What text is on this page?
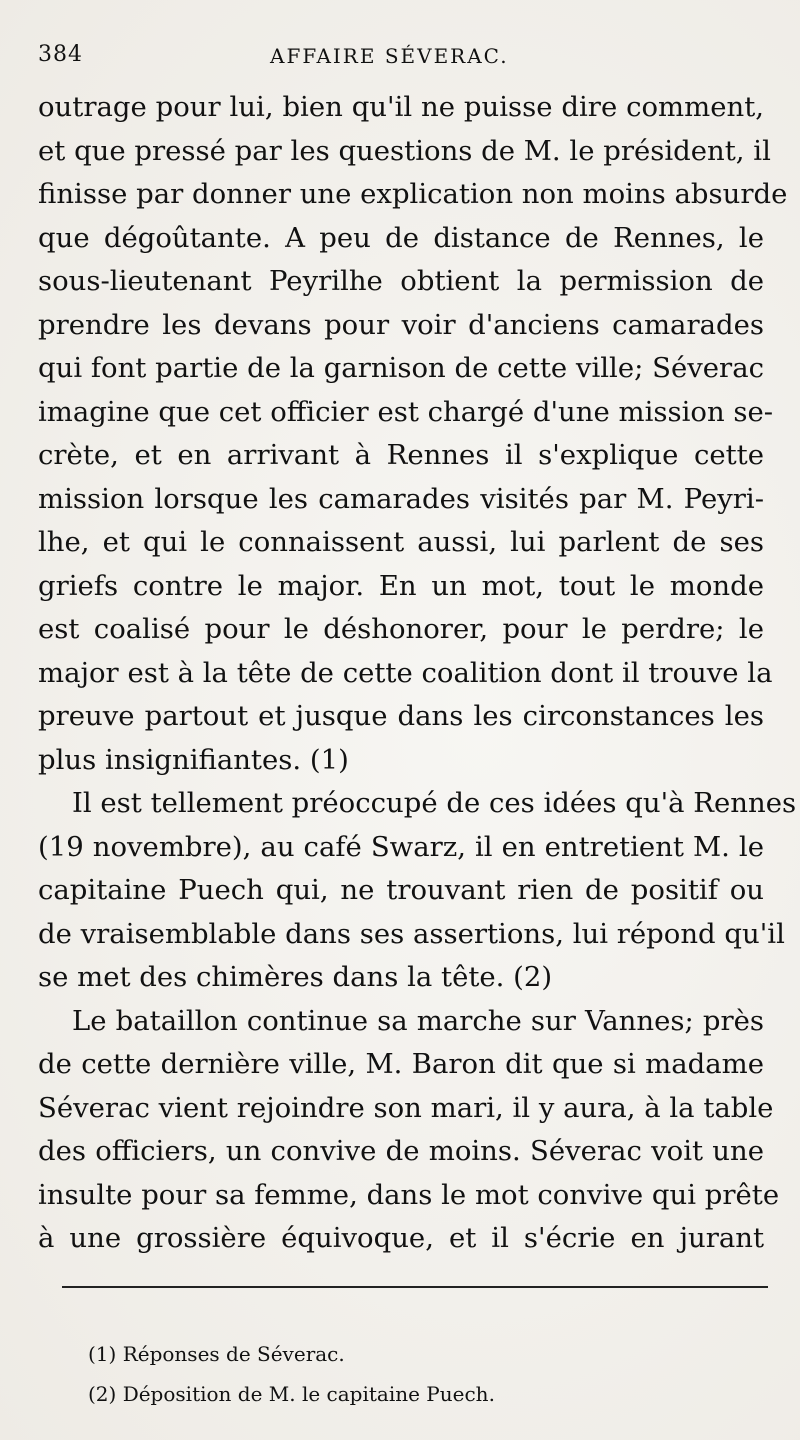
384	AFFAIRE SÉVERAC.
outrage pour lui, bien qu'il ne puisse dire comment,
et que pressé par les questions de M. le président, il
finisse par donner une explication non moins absurde
que dégoûtante. A peu de distance de Rennes, le
sous-lieutenant Peyrilhe obtient la permission de
prendre les devans pour voir d'anciens camarades
qui font partie de la garnison de cette ville; Séverac
imagine que cet officier est chargé d'une mission se-
crète, et en arrivant à Rennes il s'explique cette
mission lorsque les camarades visités par M. Peyri-
lhe, et qui le connaissent aussi, lui parlent de ses
griefs contre le major. En un mot, tout le monde
est coalisé pour le déshonorer, pour le perdre; le
major est à la tête de cette coalition dont il trouve la
preuve partout et jusque dans les circonstances les
plus insignifiantes. (1)
Il est tellement préoccupé de ces idées qu'à Rennes
(19 novembre), au café Swarz, il en entretient M. le
capitaine Puech qui, ne trouvant rien de positif ou
de vraisemblable dans ses assertions, lui répond qu'il
se met des chimères dans la tête. (2)
Le bataillon continue sa marche sur Vannes; près
de cette dernière ville, M. Baron dit que si madame
Séverac vient rejoindre son mari, il y aura, à la table
des officiers, un convive de moins. Séverac voit une
insulte pour sa femme, dans le mot convive qui prête
à une grossière équivoque, et il s'écrie en jurant
(1) Réponses de Séverac.
(2) Déposition de M. le capitaine Puech.
